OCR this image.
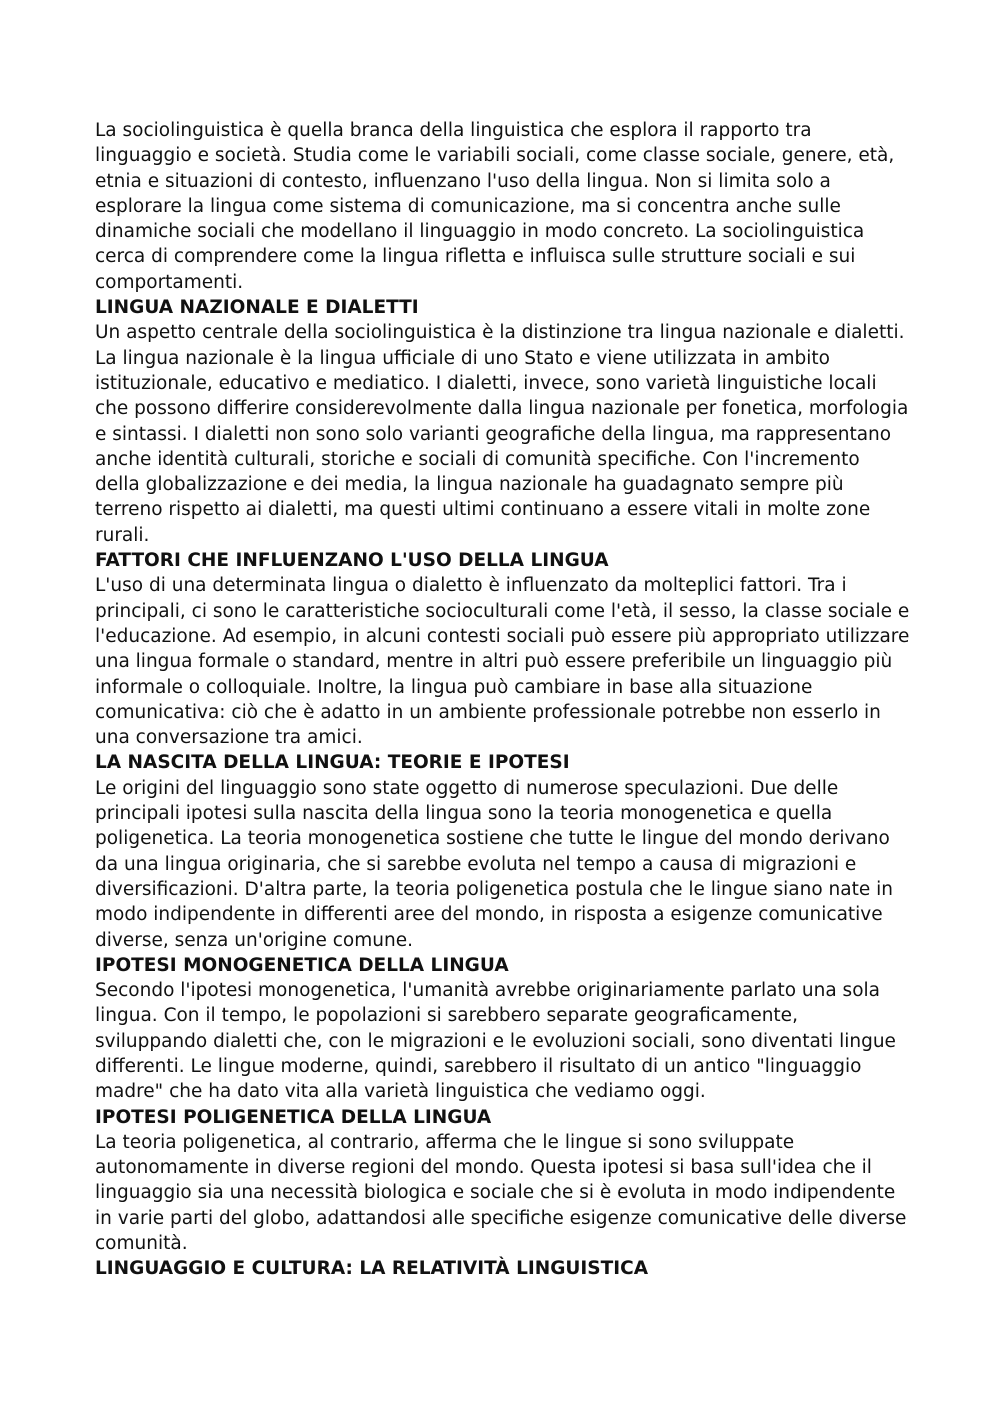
La sociolinguistica è quella branca della linguistica che esplora il rapporto tra linguaggio e società. Studia come le variabili sociali, come classe sociale, genere, età, etnia e situazioni di contesto, influenzano l'uso della lingua. Non si limita solo a esplorare la lingua come sistema di comunicazione, ma si concentra anche sulle dinamiche sociali che modellano il linguaggio in modo concreto. La sociolinguistica cerca di comprendere come la lingua rifletta e influisca sulle strutture sociali e sui comportamenti.

LINGUA NAZIONALE E DIALETTI

Un aspetto centrale della sociolinguistica è la distinzione tra lingua nazionale e dialetti. La lingua nazionale è la lingua ufficiale di uno Stato e viene utilizzata in ambito istituzionale, educativo e mediatico. I dialetti, invece, sono varietà linguistiche locali che possono differire considerevolmente dalla lingua nazionale per fonetica, morfologia e sintassi. I dialetti non sono solo varianti geografiche della lingua, ma rappresentano anche identità culturali, storiche e sociali di comunità specifiche. Con l'incremento della globalizzazione e dei media, la lingua nazionale ha guadagnato sempre più terreno rispetto ai dialetti, ma questi ultimi continuano a essere vitali in molte zone rurali.

FATTORI CHE INFLUENZANO L'USO DELLA LINGUA

L'uso di una determinata lingua o dialetto è influenzato da molteplici fattori. Tra i principali, ci sono le caratteristiche socioculturali come l'età, il sesso, la classe sociale e l'educazione. Ad esempio, in alcuni contesti sociali può essere più appropriato utilizzare una lingua formale o standard, mentre in altri può essere preferibile un linguaggio più informale o colloquiale. Inoltre, la lingua può cambiare in base alla situazione comunicativa: ciò che è adatto in un ambiente professionale potrebbe non esserlo in una conversazione tra amici.

LA NASCITA DELLA LINGUA: TEORIE E IPOTESI

Le origini del linguaggio sono state oggetto di numerose speculazioni. Due delle principali ipotesi sulla nascita della lingua sono la teoria monogenetica e quella poligenetica. La teoria monogenetica sostiene che tutte le lingue del mondo derivano da una lingua originaria, che si sarebbe evoluta nel tempo a causa di migrazioni e diversificazioni. D'altra parte, la teoria poligenetica postula che le lingue siano nate in modo indipendente in differenti aree del mondo, in risposta a esigenze comunicative diverse, senza un'origine comune.

IPOTESI MONOGENETICA DELLA LINGUA

Secondo l'ipotesi monogenetica, l'umanità avrebbe originariamente parlato una sola lingua. Con il tempo, le popolazioni si sarebbero separate geograficamente, sviluppando dialetti che, con le migrazioni e le evoluzioni sociali, sono diventati lingue differenti. Le lingue moderne, quindi, sarebbero il risultato di un antico "linguaggio madre" che ha dato vita alla varietà linguistica che vediamo oggi.

IPOTESI POLIGENETICA DELLA LINGUA

La teoria poligenetica, al contrario, afferma che le lingue si sono sviluppate autonomamente in diverse regioni del mondo. Questa ipotesi si basa sull'idea che il linguaggio sia una necessità biologica e sociale che si è evoluta in modo indipendente in varie parti del globo, adattandosi alle specifiche esigenze comunicative delle diverse comunità.

LINGUAGGIO E CULTURA: LA RELATIVITÀ LINGUISTICA
